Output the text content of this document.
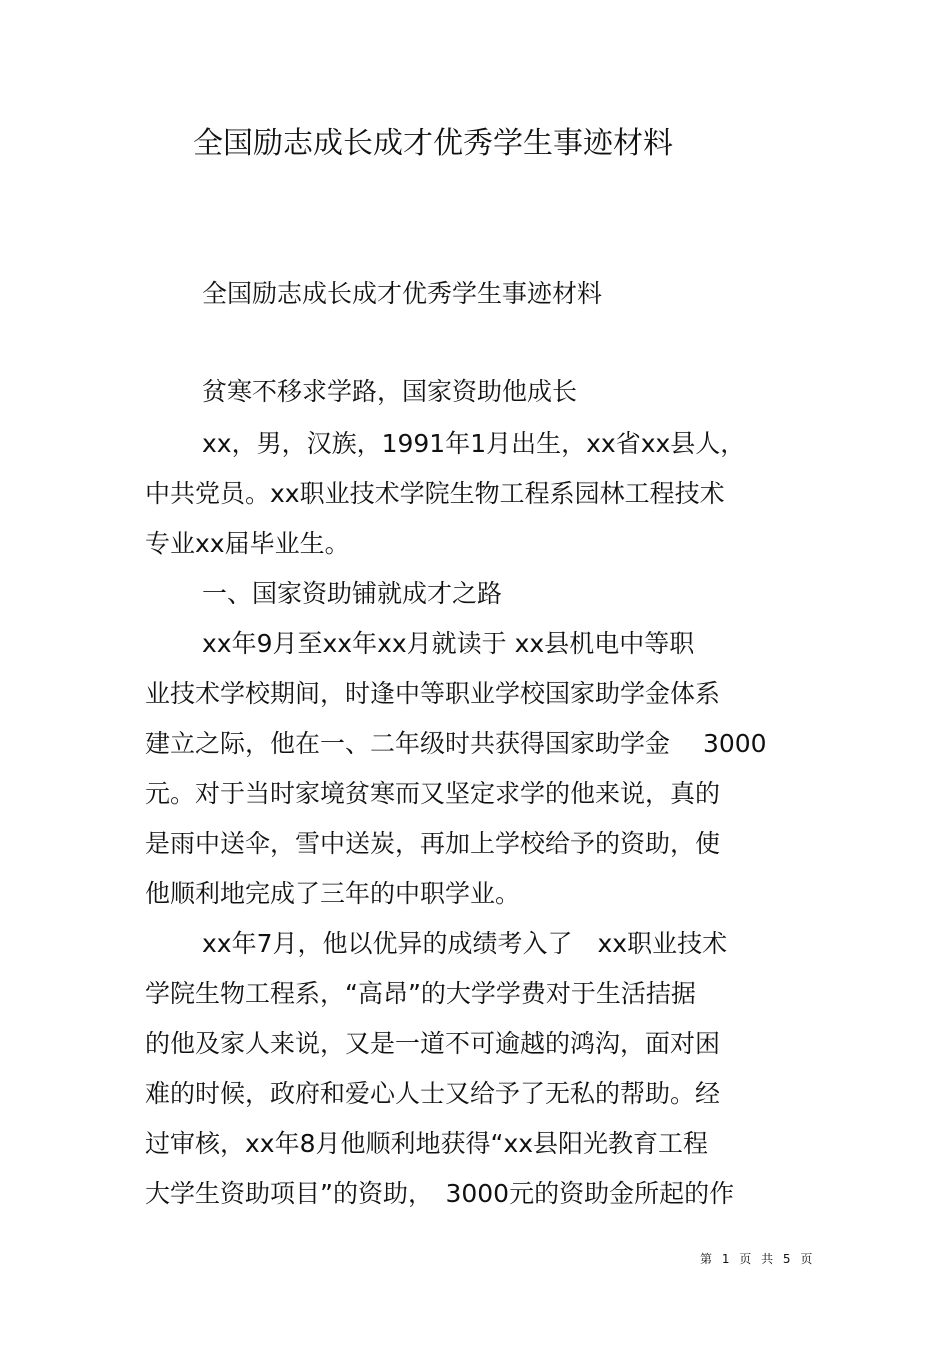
全国励志成长成才优秀学生事迹材料
全国励志成长成才优秀学生事迹材料
贫寒不移求学路，国家资助他成长
xx，男，汉族，1991年1月出生，xx省xx县人，
中共党员。xx职业技术学院生物工程系园林工程技术
专业xx届毕业生。
一、国家资助铺就成才之路
xx年9月至xx年xx月就读于 xx县机电中等职
业技术学校期间，时逢中等职业学校国家助学金体系
建立之际，他在一、二年级时共获得国家助学金　 3000
元。对于当时家境贫寒而又坚定求学的他来说，真的
是雨中送伞，雪中送炭，再加上学校给予的资助，使
他顺利地完成了三年的中职学业。
xx年7月，他以优异的成绩考入了　xx职业技术
学院生物工程系，“高昂”的大学学费对于生活拮据
的他及家人来说，又是一道不可逾越的鸿沟，面对困
难的时候，政府和爱心人士又给予了无私的帮助。经
过审核，xx年8月他顺利地获得“xx县阳光教育工程
大学生资助项目”的资助，　3000元的资助金所起的作
第 1 页 共 5 页
